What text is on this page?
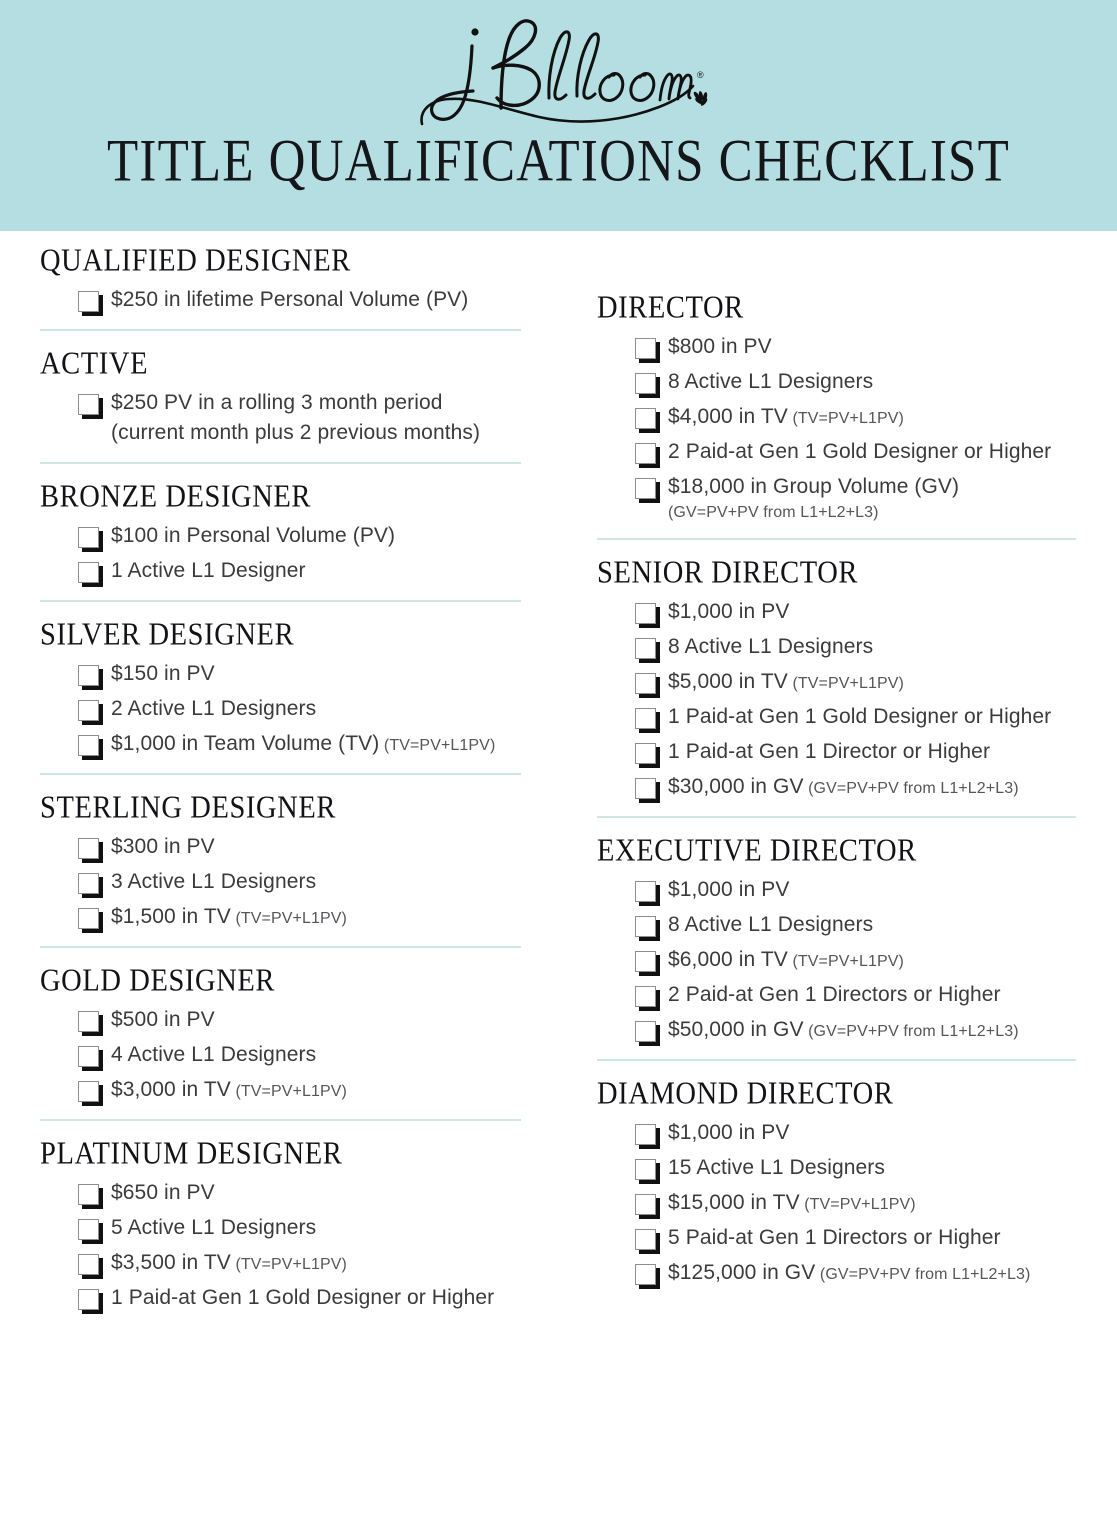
®
TITLE QUALIFICATIONS CHECKLIST
QUALIFIED DESIGNER
$250 in lifetime Personal Volume (PV)
ACTIVE
$250 PV in a rolling 3 month period
(current month plus 2 previous months)
BRONZE DESIGNER
$100 in Personal Volume (PV)
1 Active L1 Designer
SILVER DESIGNER
$150 in PV
2 Active L1 Designers
$1,000 in Team Volume (TV) (TV=PV+L1PV)
STERLING DESIGNER
$300 in PV
3 Active L1 Designers
$1,500 in TV (TV=PV+L1PV)
GOLD DESIGNER
$500 in PV
4 Active L1 Designers
$3,000 in TV (TV=PV+L1PV)
PLATINUM DESIGNER
$650 in PV
5 Active L1 Designers
$3,500 in TV (TV=PV+L1PV)
1 Paid-at Gen 1 Gold Designer or Higher
DIRECTOR
$800 in PV
8 Active L1 Designers
$4,000 in TV (TV=PV+L1PV)
2 Paid-at Gen 1 Gold Designer or Higher
$18,000 in Group Volume (GV)
(GV=PV+PV from L1+L2+L3)
SENIOR DIRECTOR
$1,000 in PV
8 Active L1 Designers
$5,000 in TV (TV=PV+L1PV)
1 Paid-at Gen 1 Gold Designer or Higher
1 Paid-at Gen 1 Director or Higher
$30,000 in GV (GV=PV+PV from L1+L2+L3)
EXECUTIVE DIRECTOR
$1,000 in PV
8 Active L1 Designers
$6,000 in TV (TV=PV+L1PV)
2 Paid-at Gen 1 Directors or Higher
$50,000 in GV (GV=PV+PV from L1+L2+L3)
DIAMOND DIRECTOR
$1,000 in PV
15 Active L1 Designers
$15,000 in TV (TV=PV+L1PV)
5 Paid-at Gen 1 Directors or Higher
$125,000 in GV (GV=PV+PV from L1+L2+L3)
